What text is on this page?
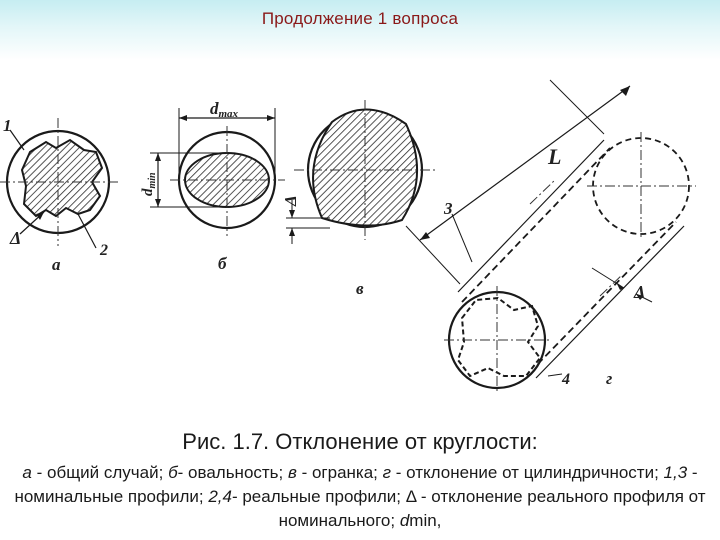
Продолжение 1 вопроса
1
2
Δ
а
dmax
$d_{min}$
б
Δ
в
3
L
Δ
4 г
Рис. 1.7. Отклонение от круглости:
а - общий случай; б- овальность; в - огранка; г - отклонение от цилиндричности; 1,3 - номинальные профили; 2,4- реальные профили; Δ - отклонение реального профиля от номинального; dmin,
